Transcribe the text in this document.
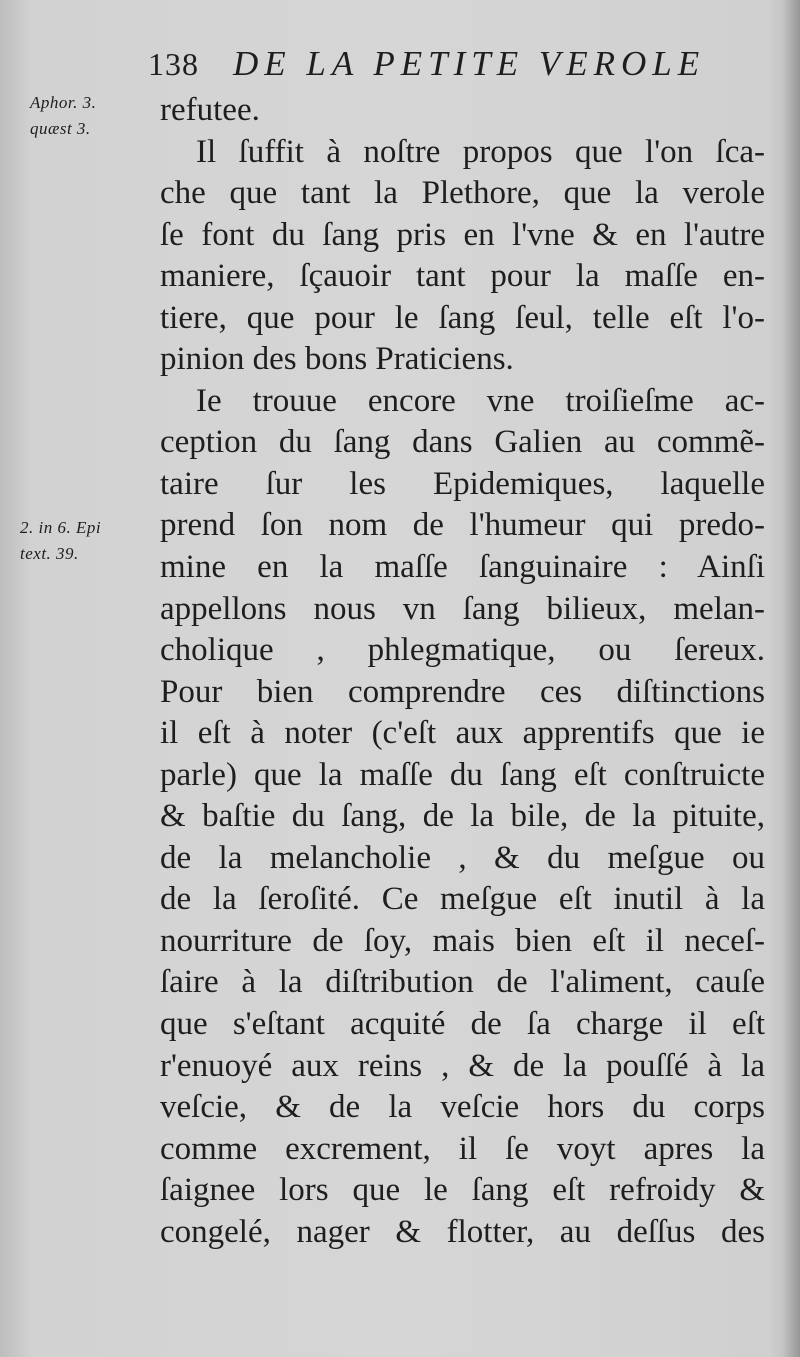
138 DE LA PETITE VEROLE
Aphor. 3.
quæst 3.
2. in 6. Epi
text. 39.
refutee.
Il ſuffit à noſtre propos que l'on ſca-
che que tant la Plethore, que la verole
ſe font du ſang pris en l'vne & en l'autre
maniere, ſçauoir tant pour la maſſe en-
tiere, que pour le ſang ſeul, telle eſt l'o-
pinion des bons Praticiens.
Ie trouue encore vne troiſieſme ac-
ception du ſang dans Galien au commẽ-
taire ſur les Epidemiques, laquelle
prend ſon nom de l'humeur qui predo-
mine en la maſſe ſanguinaire : Ainſi
appellons nous vn ſang bilieux, melan-
cholique , phlegmatique, ou ſereux.
Pour bien comprendre ces diſtinctions
il eſt à noter (c'eſt aux apprentifs que ie
parle) que la maſſe du ſang eſt conſtruicte
& baſtie du ſang, de la bile, de la pituite,
de la melancholie , & du meſgue ou
de la ſeroſité. Ce meſgue eſt inutil à la
nourriture de ſoy, mais bien eſt il neceſ-
ſaire à la diſtribution de l'aliment, cauſe
que s'eſtant acquité de ſa charge il eſt
r'enuoyé aux reins , & de la pouſſé à la
veſcie, & de la veſcie hors du corps
comme excrement, il ſe voyt apres la
ſaignee lors que le ſang eſt refroidy &
congelé, nager & flotter, au deſſus des
